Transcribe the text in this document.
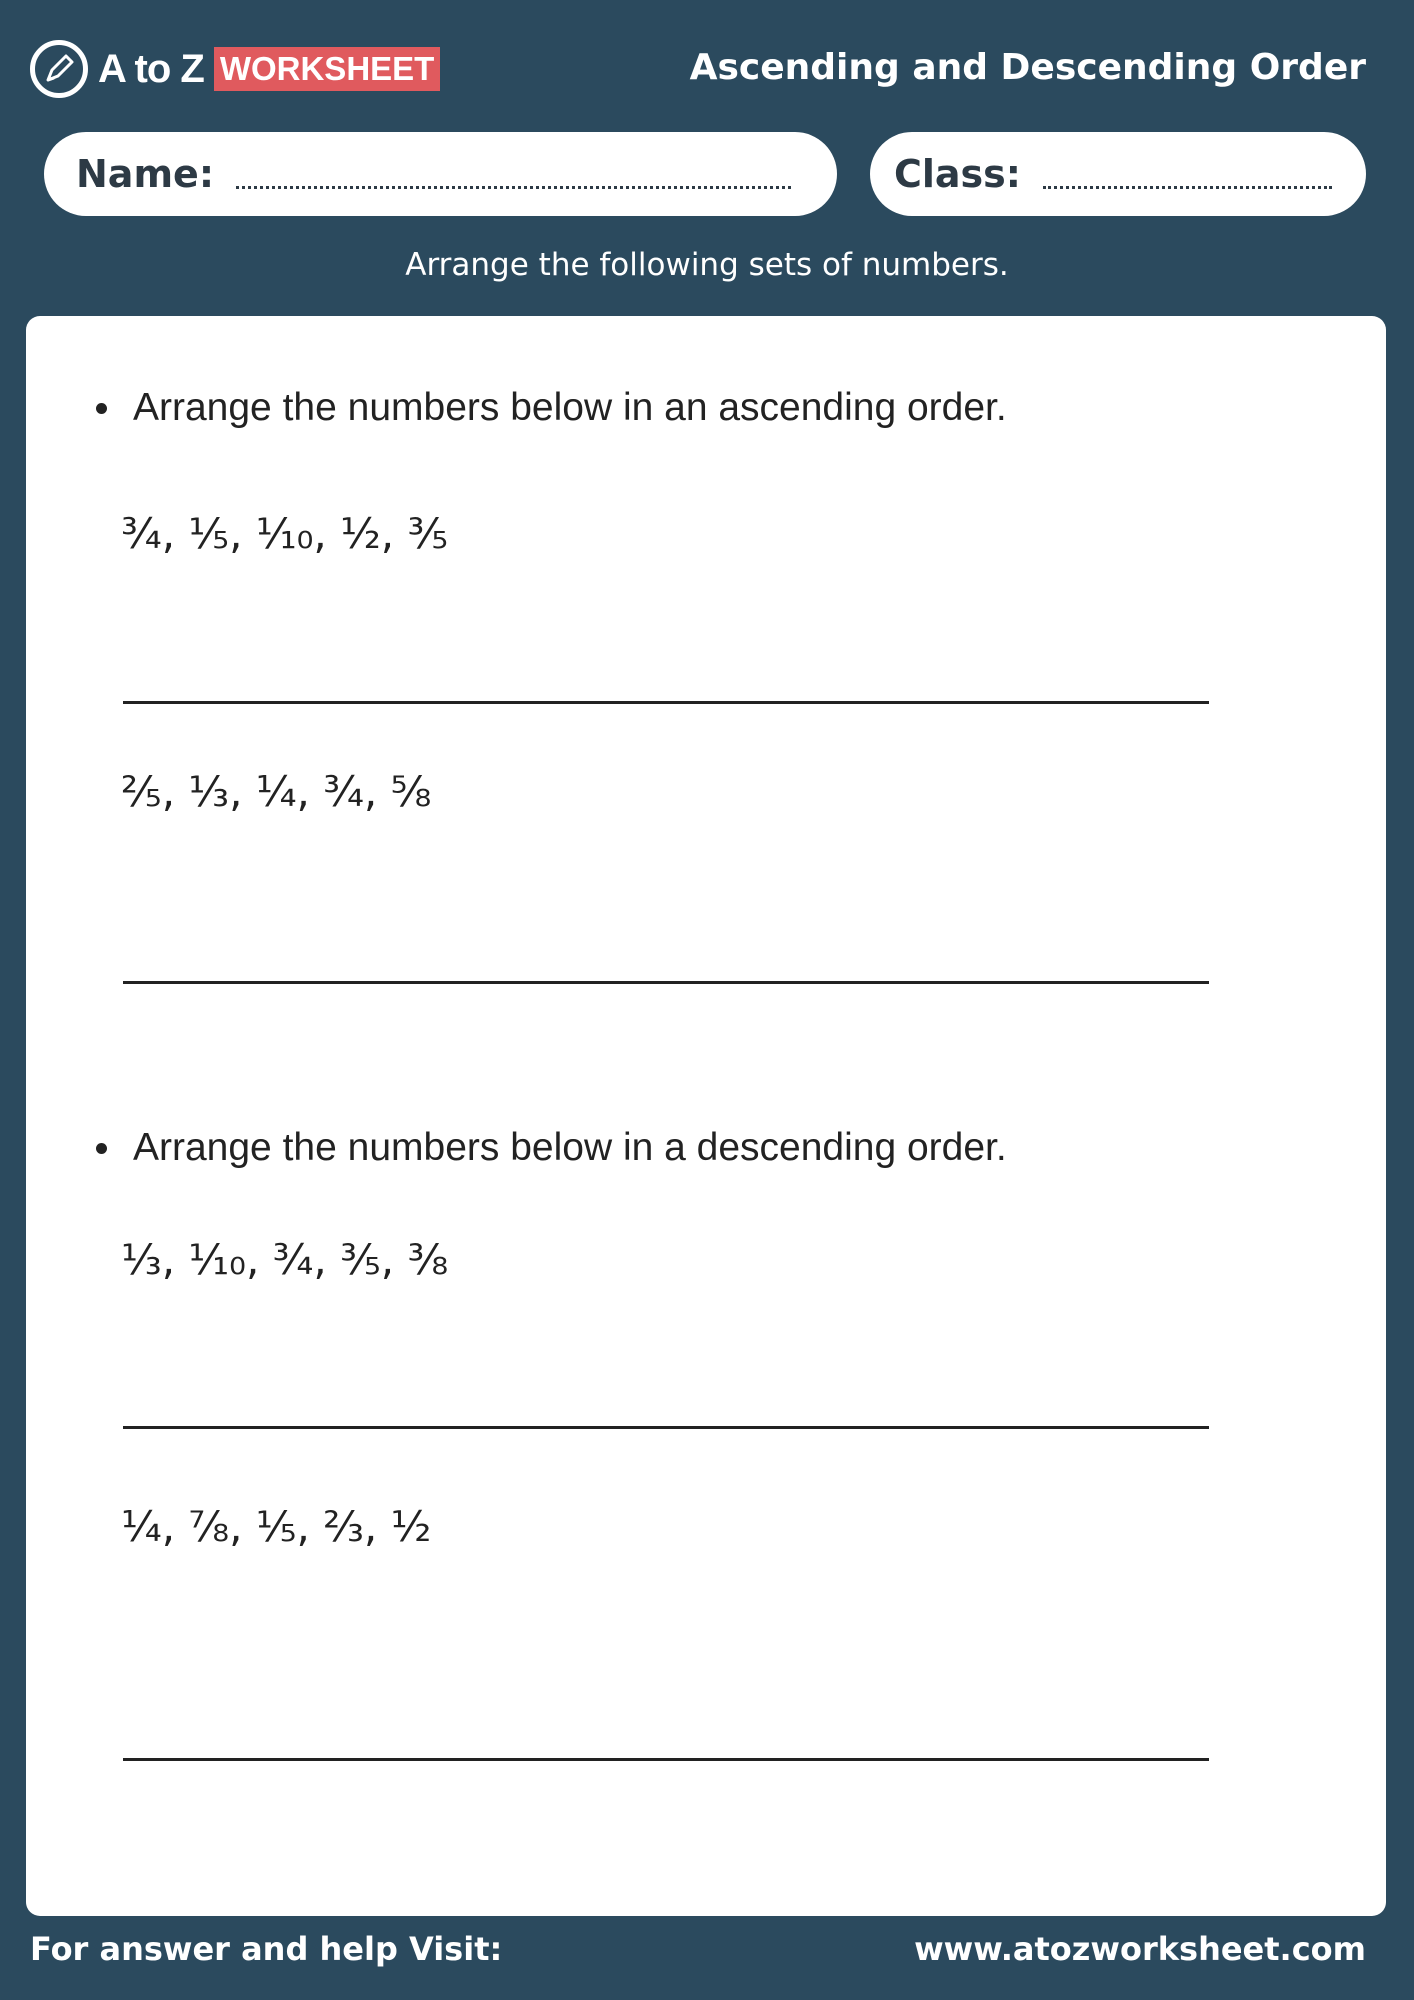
A to Z WORKSHEET	Ascending and Descending Order
Name:	Class:
Arrange the following sets of numbers.
Arrange the numbers below in an ascending order.
¾, ⅕, ⅒, ½, ⅗
⅖, ⅓, ¼, ¾, ⅝
Arrange the numbers below in a descending order.
⅓, ⅒, ¾, ⅗, ⅜
¼, ⅞, ⅕, ⅔, ½
For answer and help Visit:	www.atozworksheet.com
